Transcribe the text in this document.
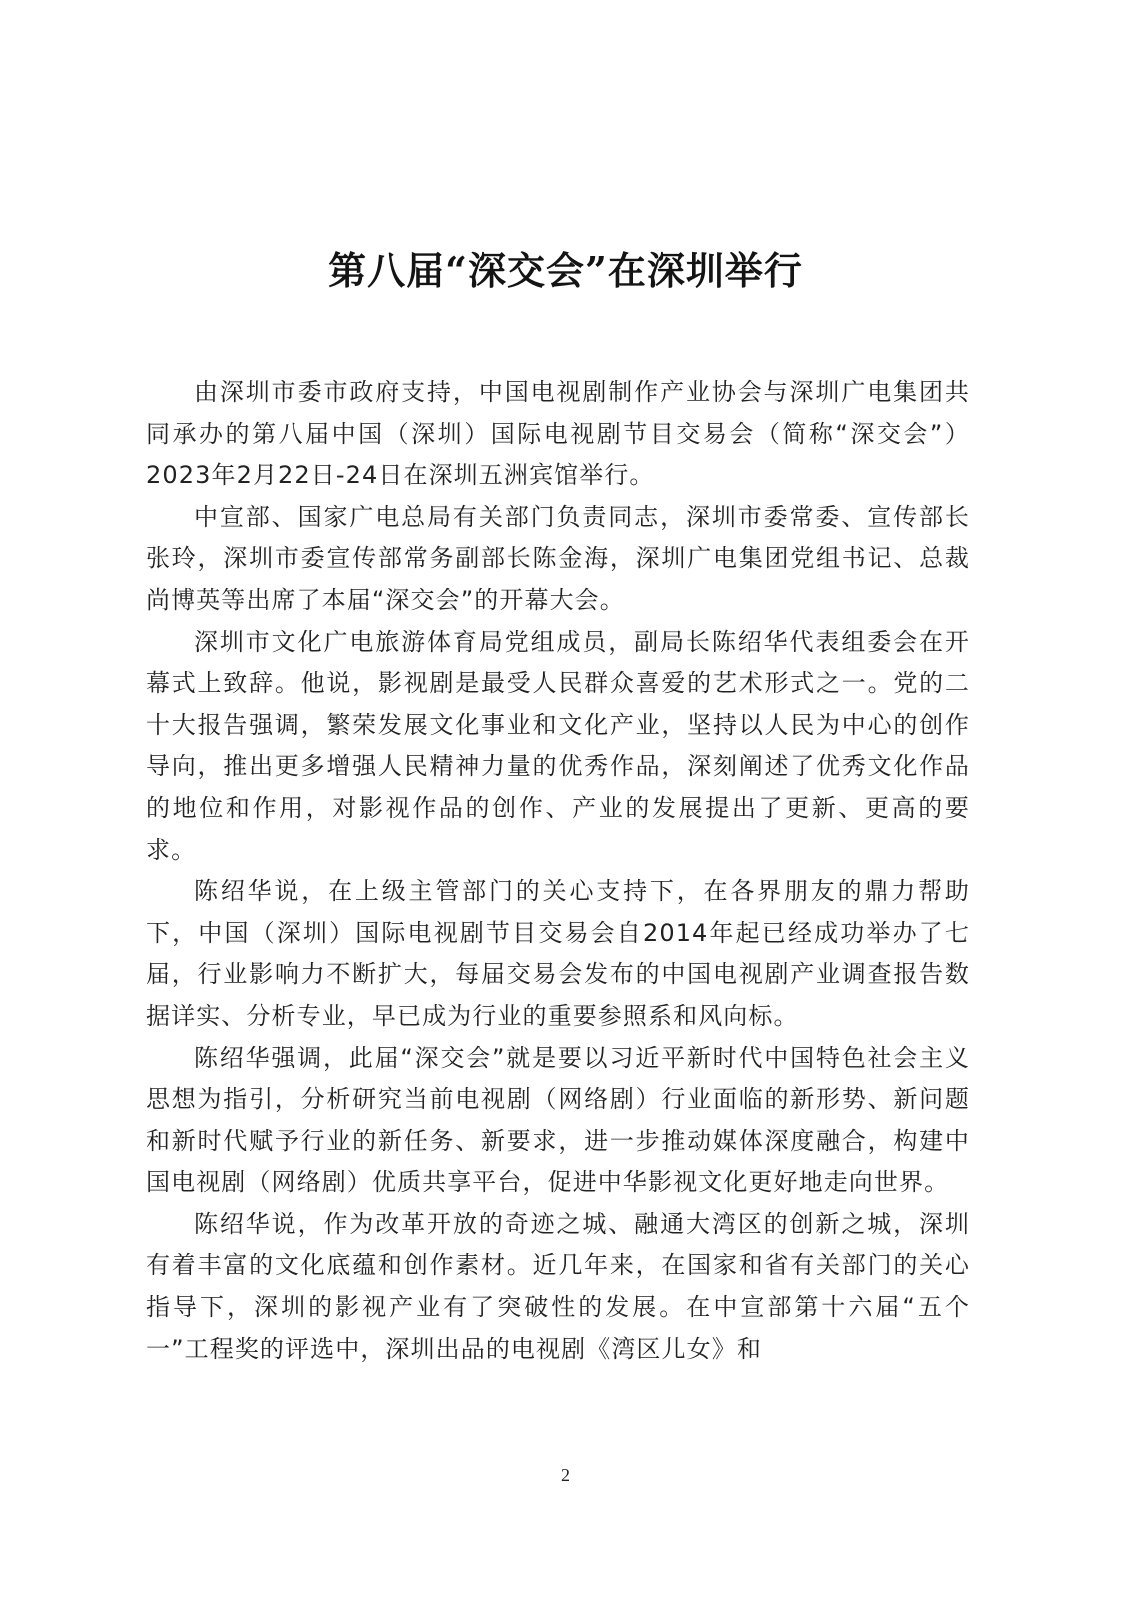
第八届“深交会”在深圳举行

由深圳市委市政府支持，中国电视剧制作产业协会与深圳广电集团共同承办的第八届中国（深圳）国际电视剧节目交易会（简称“深交会”）2023年2月22日-24日在深圳五洲宾馆举行。

中宣部、国家广电总局有关部门负责同志，深圳市委常委、宣传部长张玲，深圳市委宣传部常务副部长陈金海，深圳广电集团党组书记、总裁尚博英等出席了本届“深交会”的开幕大会。

深圳市文化广电旅游体育局党组成员，副局长陈绍华代表组委会在开幕式上致辞。他说，影视剧是最受人民群众喜爱的艺术形式之一。党的二十大报告强调，繁荣发展文化事业和文化产业，坚持以人民为中心的创作导向，推出更多增强人民精神力量的优秀作品，深刻阐述了优秀文化作品的地位和作用，对影视作品的创作、产业的发展提出了更新、更高的要求。

陈绍华说，在上级主管部门的关心支持下，在各界朋友的鼎力帮助下，中国（深圳）国际电视剧节目交易会自2014年起已经成功举办了七届，行业影响力不断扩大，每届交易会发布的中国电视剧产业调查报告数据详实、分析专业，早已成为行业的重要参照系和风向标。

陈绍华强调，此届“深交会”就是要以习近平新时代中国特色社会主义思想为指引，分析研究当前电视剧（网络剧）行业面临的新形势、新问题和新时代赋予行业的新任务、新要求，进一步推动媒体深度融合，构建中国电视剧（网络剧）优质共享平台，促进中华影视文化更好地走向世界。

陈绍华说，作为改革开放的奇迹之城、融通大湾区的创新之城，深圳有着丰富的文化底蕴和创作素材。近几年来，在国家和省有关部门的关心指导下，深圳的影视产业有了突破性的发展。在中宣部第十六届“五个一”工程奖的评选中，深圳出品的电视剧《湾区儿女》和

2
